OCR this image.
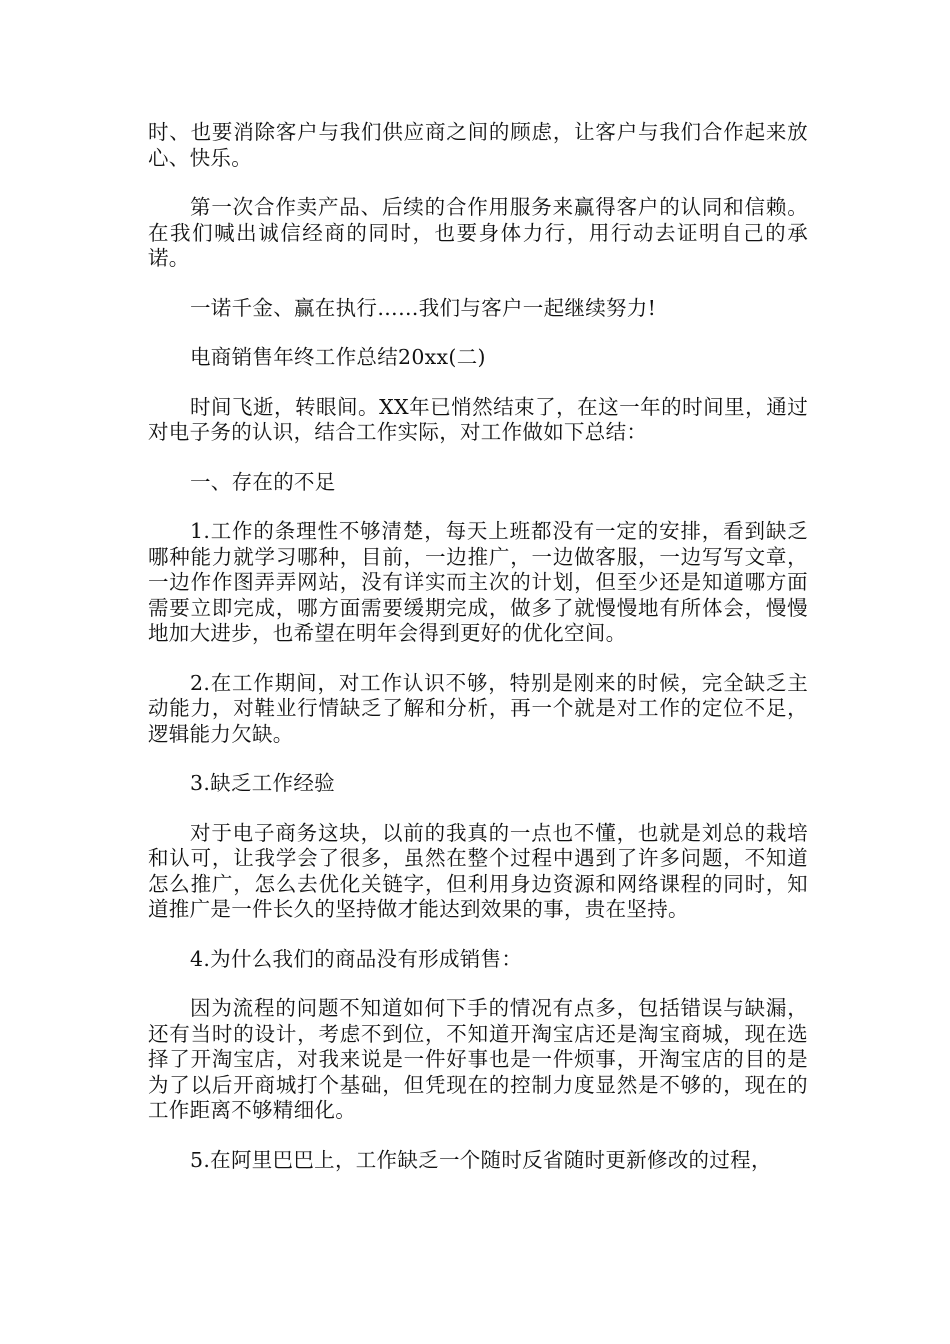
时、也要消除客户与我们供应商之间的顾虑，让客户与我们合作起来放心、快乐。

第一次合作卖产品、后续的合作用服务来赢得客户的认同和信赖。在我们喊出诚信经商的同时，也要身体力行，用行动去证明自己的承诺。

一诺千金、赢在执行……我们与客户一起继续努力!

电商销售年终工作总结20xx(二)

时间飞逝，转眼间。XX年已悄然结束了，在这一年的时间里，通过对电子务的认识，结合工作实际，对工作做如下总结：

一、存在的不足

1.工作的条理性不够清楚，每天上班都没有一定的安排，看到缺乏哪种能力就学习哪种，目前，一边推广，一边做客服，一边写写文章，一边作作图弄弄网站，没有详实而主次的计划，但至少还是知道哪方面需要立即完成，哪方面需要缓期完成，做多了就慢慢地有所体会，慢慢地加大进步，也希望在明年会得到更好的优化空间。

2.在工作期间，对工作认识不够，特别是刚来的时候，完全缺乏主动能力，对鞋业行情缺乏了解和分析，再一个就是对工作的定位不足，逻辑能力欠缺。

3.缺乏工作经验

对于电子商务这块，以前的我真的一点也不懂，也就是刘总的栽培和认可，让我学会了很多，虽然在整个过程中遇到了许多问题，不知道怎么推广，怎么去优化关链字，但利用身边资源和网络课程的同时，知道推广是一件长久的坚持做才能达到效果的事，贵在坚持。

4.为什么我们的商品没有形成销售：

因为流程的问题不知道如何下手的情况有点多，包括错误与缺漏，还有当时的设计，考虑不到位，不知道开淘宝店还是淘宝商城，现在选择了开淘宝店，对我来说是一件好事也是一件烦事，开淘宝店的目的是为了以后开商城打个基础，但凭现在的控制力度显然是不够的，现在的工作距离不够精细化。

5.在阿里巴巴上，工作缺乏一个随时反省随时更新修改的过程，
